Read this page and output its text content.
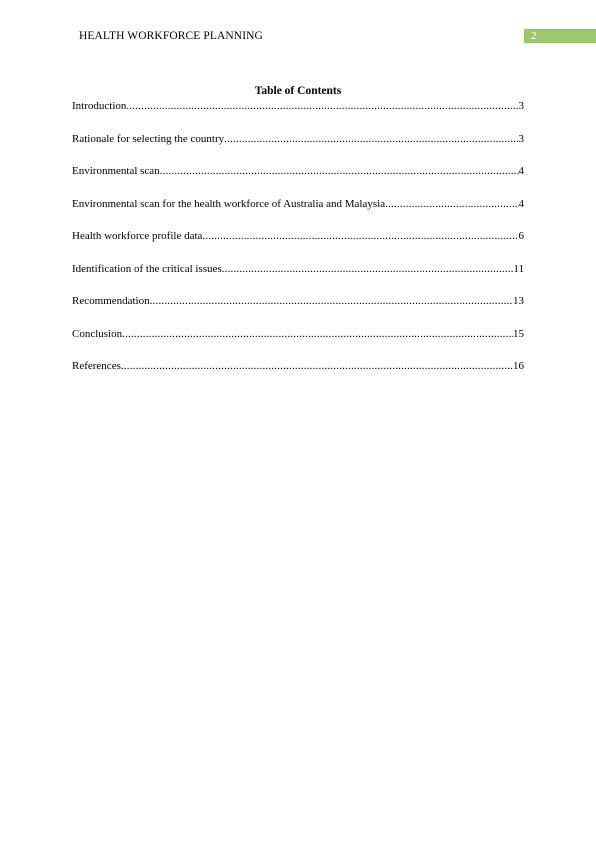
HEALTH WORKFORCE PLANNING	2
Table of Contents
Introduction .....	3
Rationale for selecting the country .....	3
Environmental scan .....	4
Environmental scan for the health workforce of Australia and Malaysia .....	4
Health workforce profile data .....	6
Identification of the critical issues .....	11
Recommendation .....	13
Conclusion .....	15
References .....	16
